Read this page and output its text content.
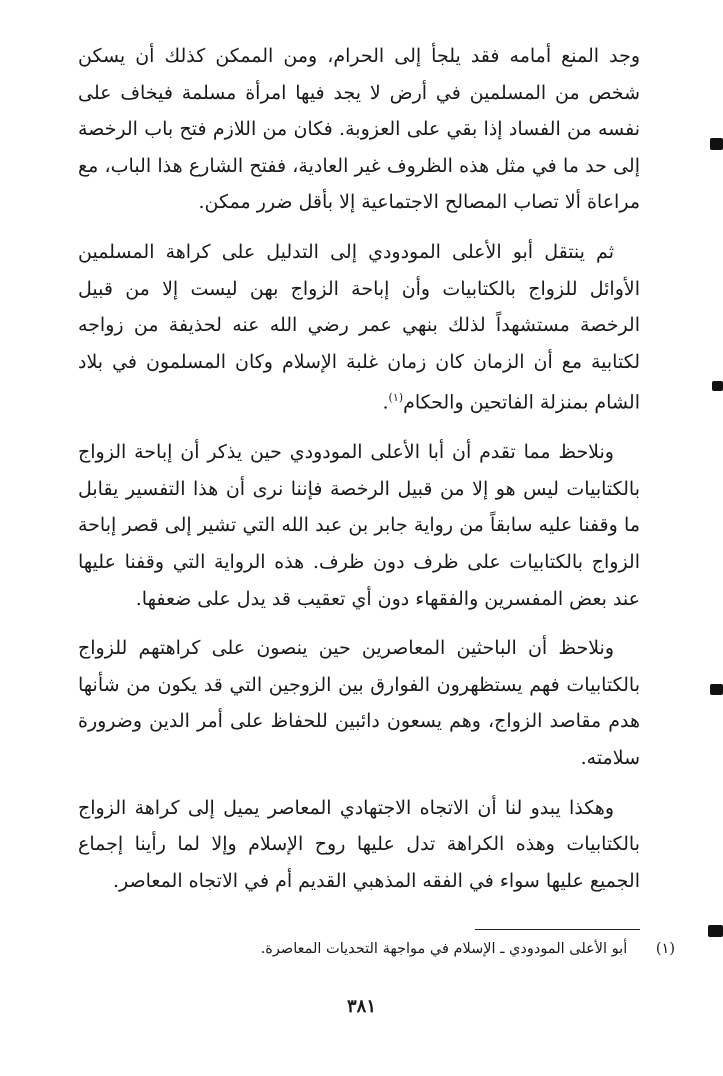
وجد المنع أمامه فقد يلجأ إلى الحرام، ومن الممكن كذلك أن يسكن شخص من المسلمين في أرض لا يجد فيها امرأة مسلمة فيخاف على نفسه من الفساد إذا بقي على العزوبة. فكان من اللازم فتح باب الرخصة إلى حد ما في مثل هذه الظروف غير العادية، ففتح الشارع هذا الباب، مع مراعاة ألا تصاب المصالح الاجتماعية إلا بأقل ضرر ممكن.

ثم ينتقل أبو الأعلى المودودي إلى التدليل على كراهة المسلمين الأوائل للزواج بالكتابيات وأن إباحة الزواج بهن ليست إلا من قبيل الرخصة مستشهداً لذلك بنهي عمر رضي الله عنه لحذيفة من زواجه لكتابية مع أن الزمان كان زمان غلبة الإسلام وكان المسلمون في بلاد الشام بمنزلة الفاتحين والحكام$^{(١)}$.

ونلاحظ مما تقدم أن أبا الأعلى المودودي حين يذكر أن إباحة الزواج بالكتابيات ليس هو إلا من قبيل الرخصة فإننا نرى أن هذا التفسير يقابل ما وقفنا عليه سابقاً من رواية جابر بن عبد الله التي تشير إلى قصر إباحة الزواج بالكتابيات على ظرف دون ظرف. هذه الرواية التي وقفنا عليها عند بعض المفسرين والفقهاء دون أي تعقيب قد يدل على ضعفها.

ونلاحظ أن الباحثين المعاصرين حين ينصون على كراهتهم للزواج بالكتابيات فهم يستظهرون الفوارق بين الزوجين التي قد يكون من شأنها هدم مقاصد الزواج، وهم يسعون دائبين للحفاظ على أمر الدين وضرورة سلامته.

وهكذا يبدو لنا أن الاتجاه الاجتهادي المعاصر يميل إلى كراهة الزواج بالكتابيات وهذه الكراهة تدل عليها روح الإسلام وإلا لما رأينا إجماع الجميع عليها سواء في الفقه المذهبي القديم أم في الاتجاه المعاصر.

(١) أبو الأعلى المودودي ـ الإسلام في مواجهة التحديات المعاصرة.
٣٨١
